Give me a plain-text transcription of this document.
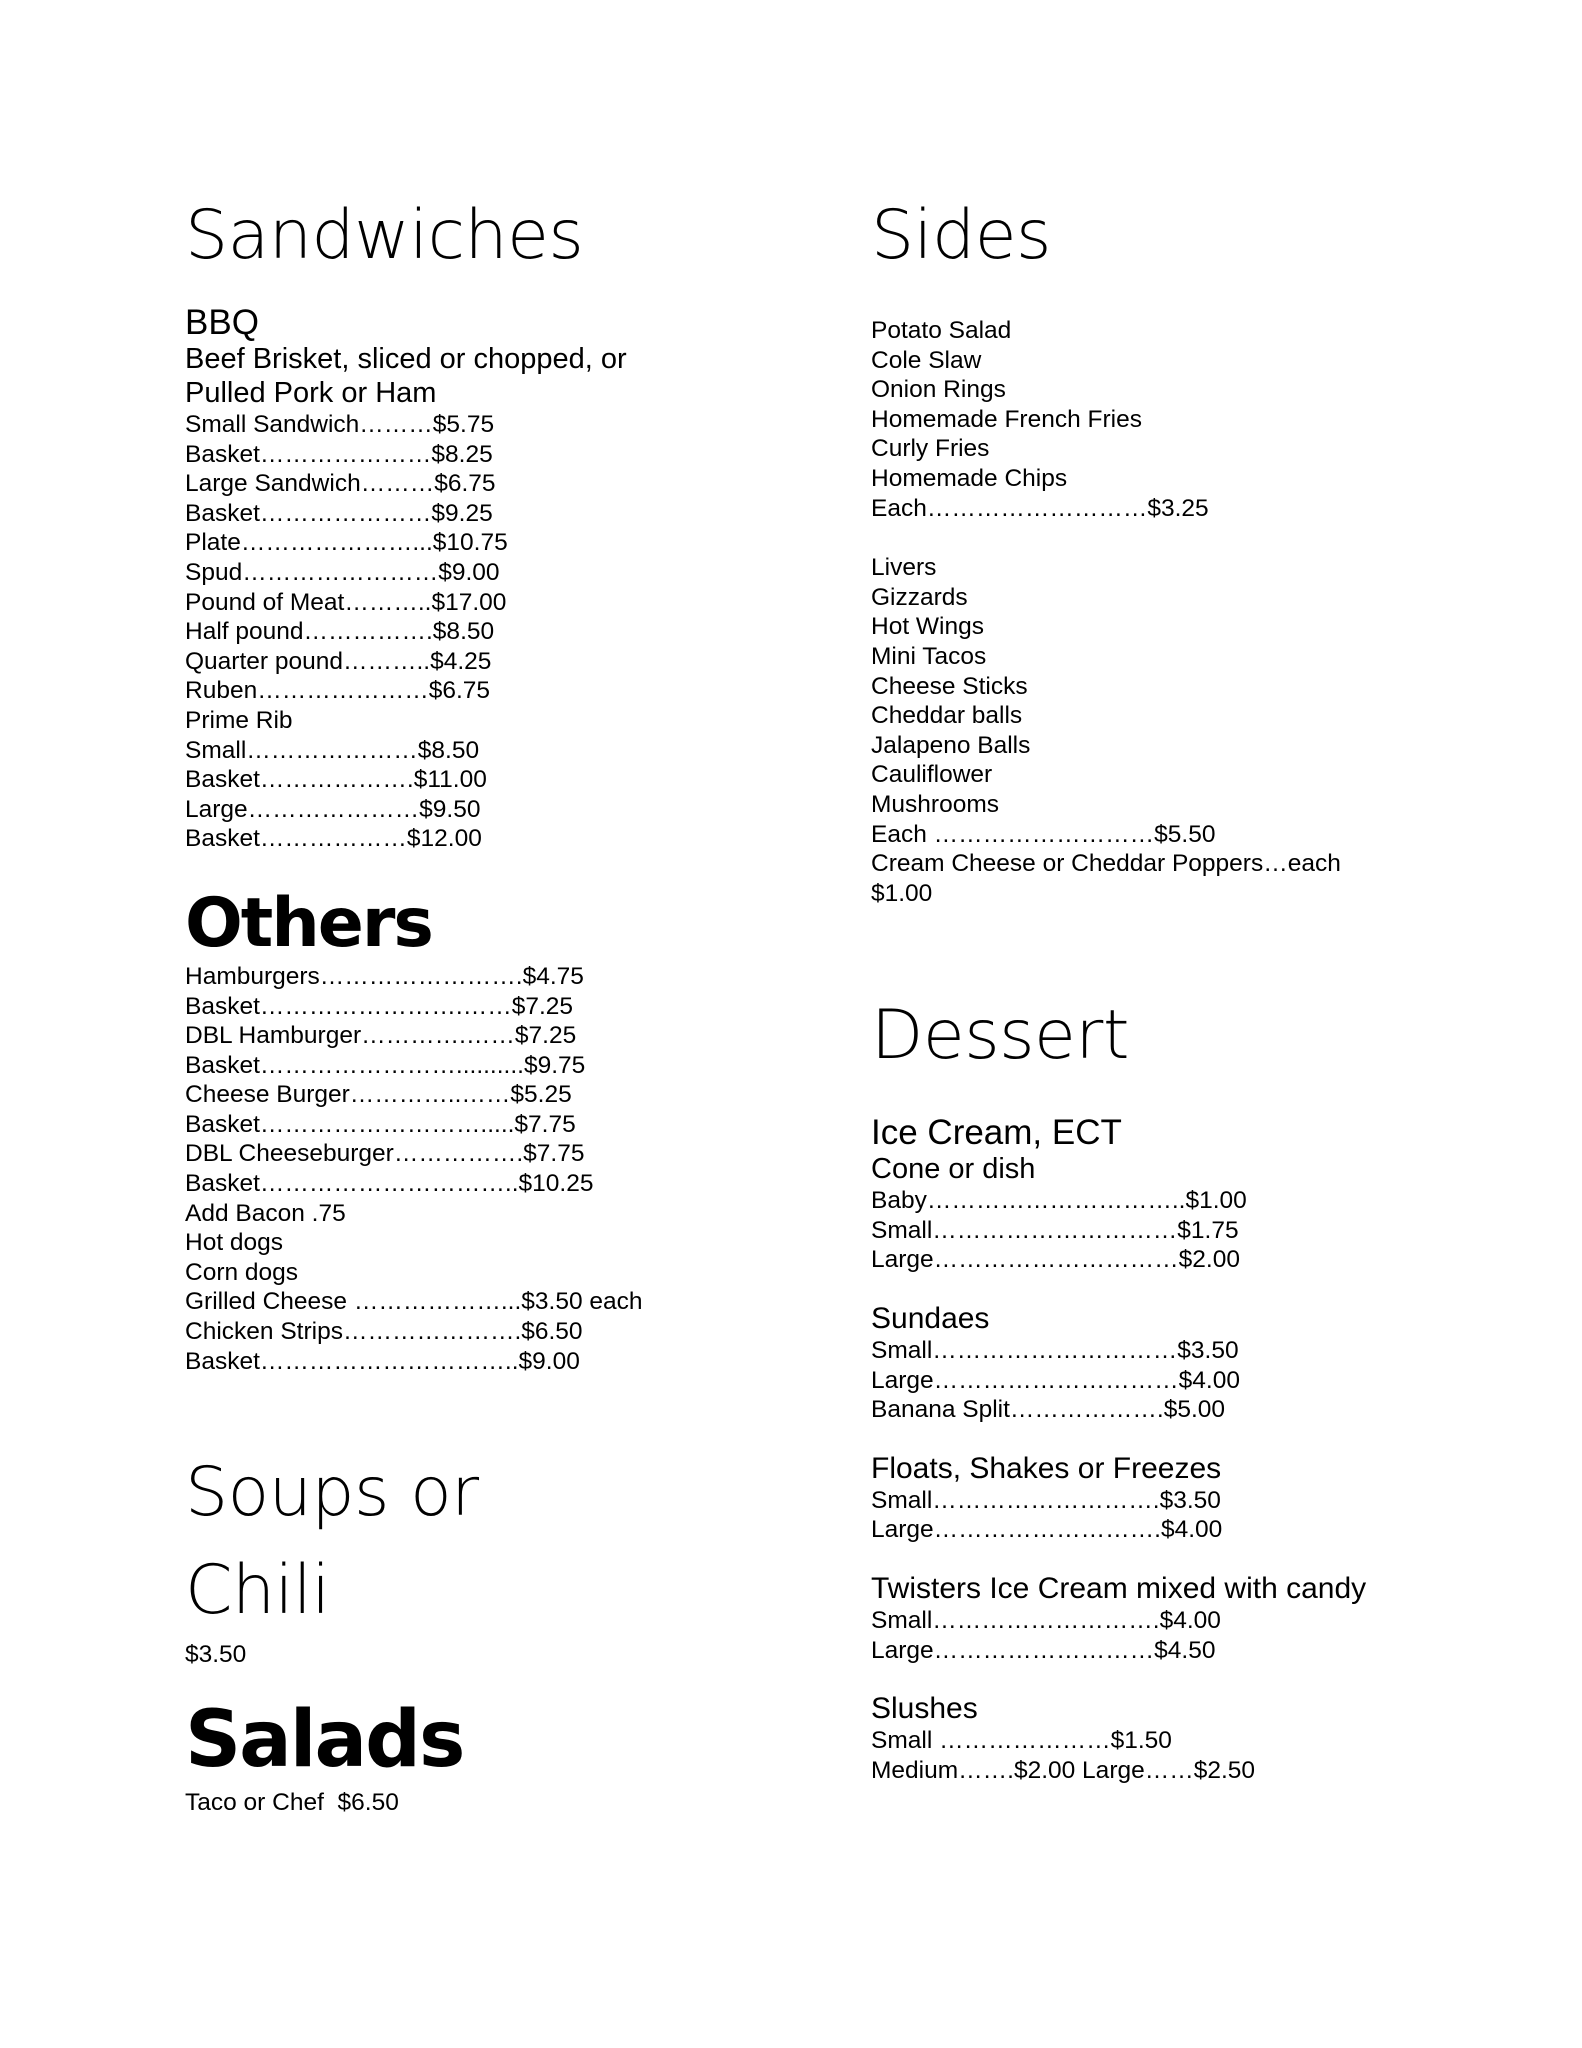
Sandwiches

BBQ

Beef Brisket, sliced or chopped, or

Pulled Pork or Ham

Small Sandwich………$5.75

Basket…………………$8.25

Large Sandwich………$6.75

Basket…………………$9.25

Plate…………………...$10.75

Spud……………………$9.00

Pound of Meat………..$17.00

Half pound…………….$8.50

Quarter pound………..$4.25

Ruben…………………$6.75

Prime Rib

Small…………………$8.50

Basket……………….$11.00

Large…………………$9.50

Basket………………$12.00

Others

Hamburgers…………………….$4.75

Basket…………………….……$7.25

DBL Hamburger………….……$7.25

Basket……………………..........$9.75

Cheese Burger…………..……$5.25

Basket……………………….....$7.75

DBL Cheeseburger…………….$7.75

Basket…………………………..$10.25

Add Bacon .75

Hot dogs

Corn dogs

Grilled Cheese ………………...$3.50 each

Chicken Strips………………….$6.50

Basket…………………………..$9.00

Soups or
Chili

$3.50

Salads

Taco or Chef  $6.50

Sides

Potato Salad

Cole Slaw

Onion Rings

Homemade French Fries

Curly Fries

Homemade Chips

Each………………………$3.25

Livers

Gizzards

Hot Wings

Mini Tacos

Cheese Sticks

Cheddar balls

Jalapeno Balls

Cauliflower

Mushrooms

Each ………………………$5.50

Cream Cheese or Cheddar Poppers…each

$1.00

Dessert

Ice Cream, ECT

Cone or dish

Baby…………………………..$1.00

Small…………………………$1.75

Large…………………………$2.00

Sundaes

Small…………………………$3.50

Large…………………………$4.00

Banana Split……………….$5.00

Floats, Shakes or Freezes

Small……………………….$3.50

Large……………………….$4.00

Twisters Ice Cream mixed with candy

Small……………………….$4.00

Large………………………$4.50

Slushes

Small …………………$1.50

Medium…….$2.00 Large……$2.50
